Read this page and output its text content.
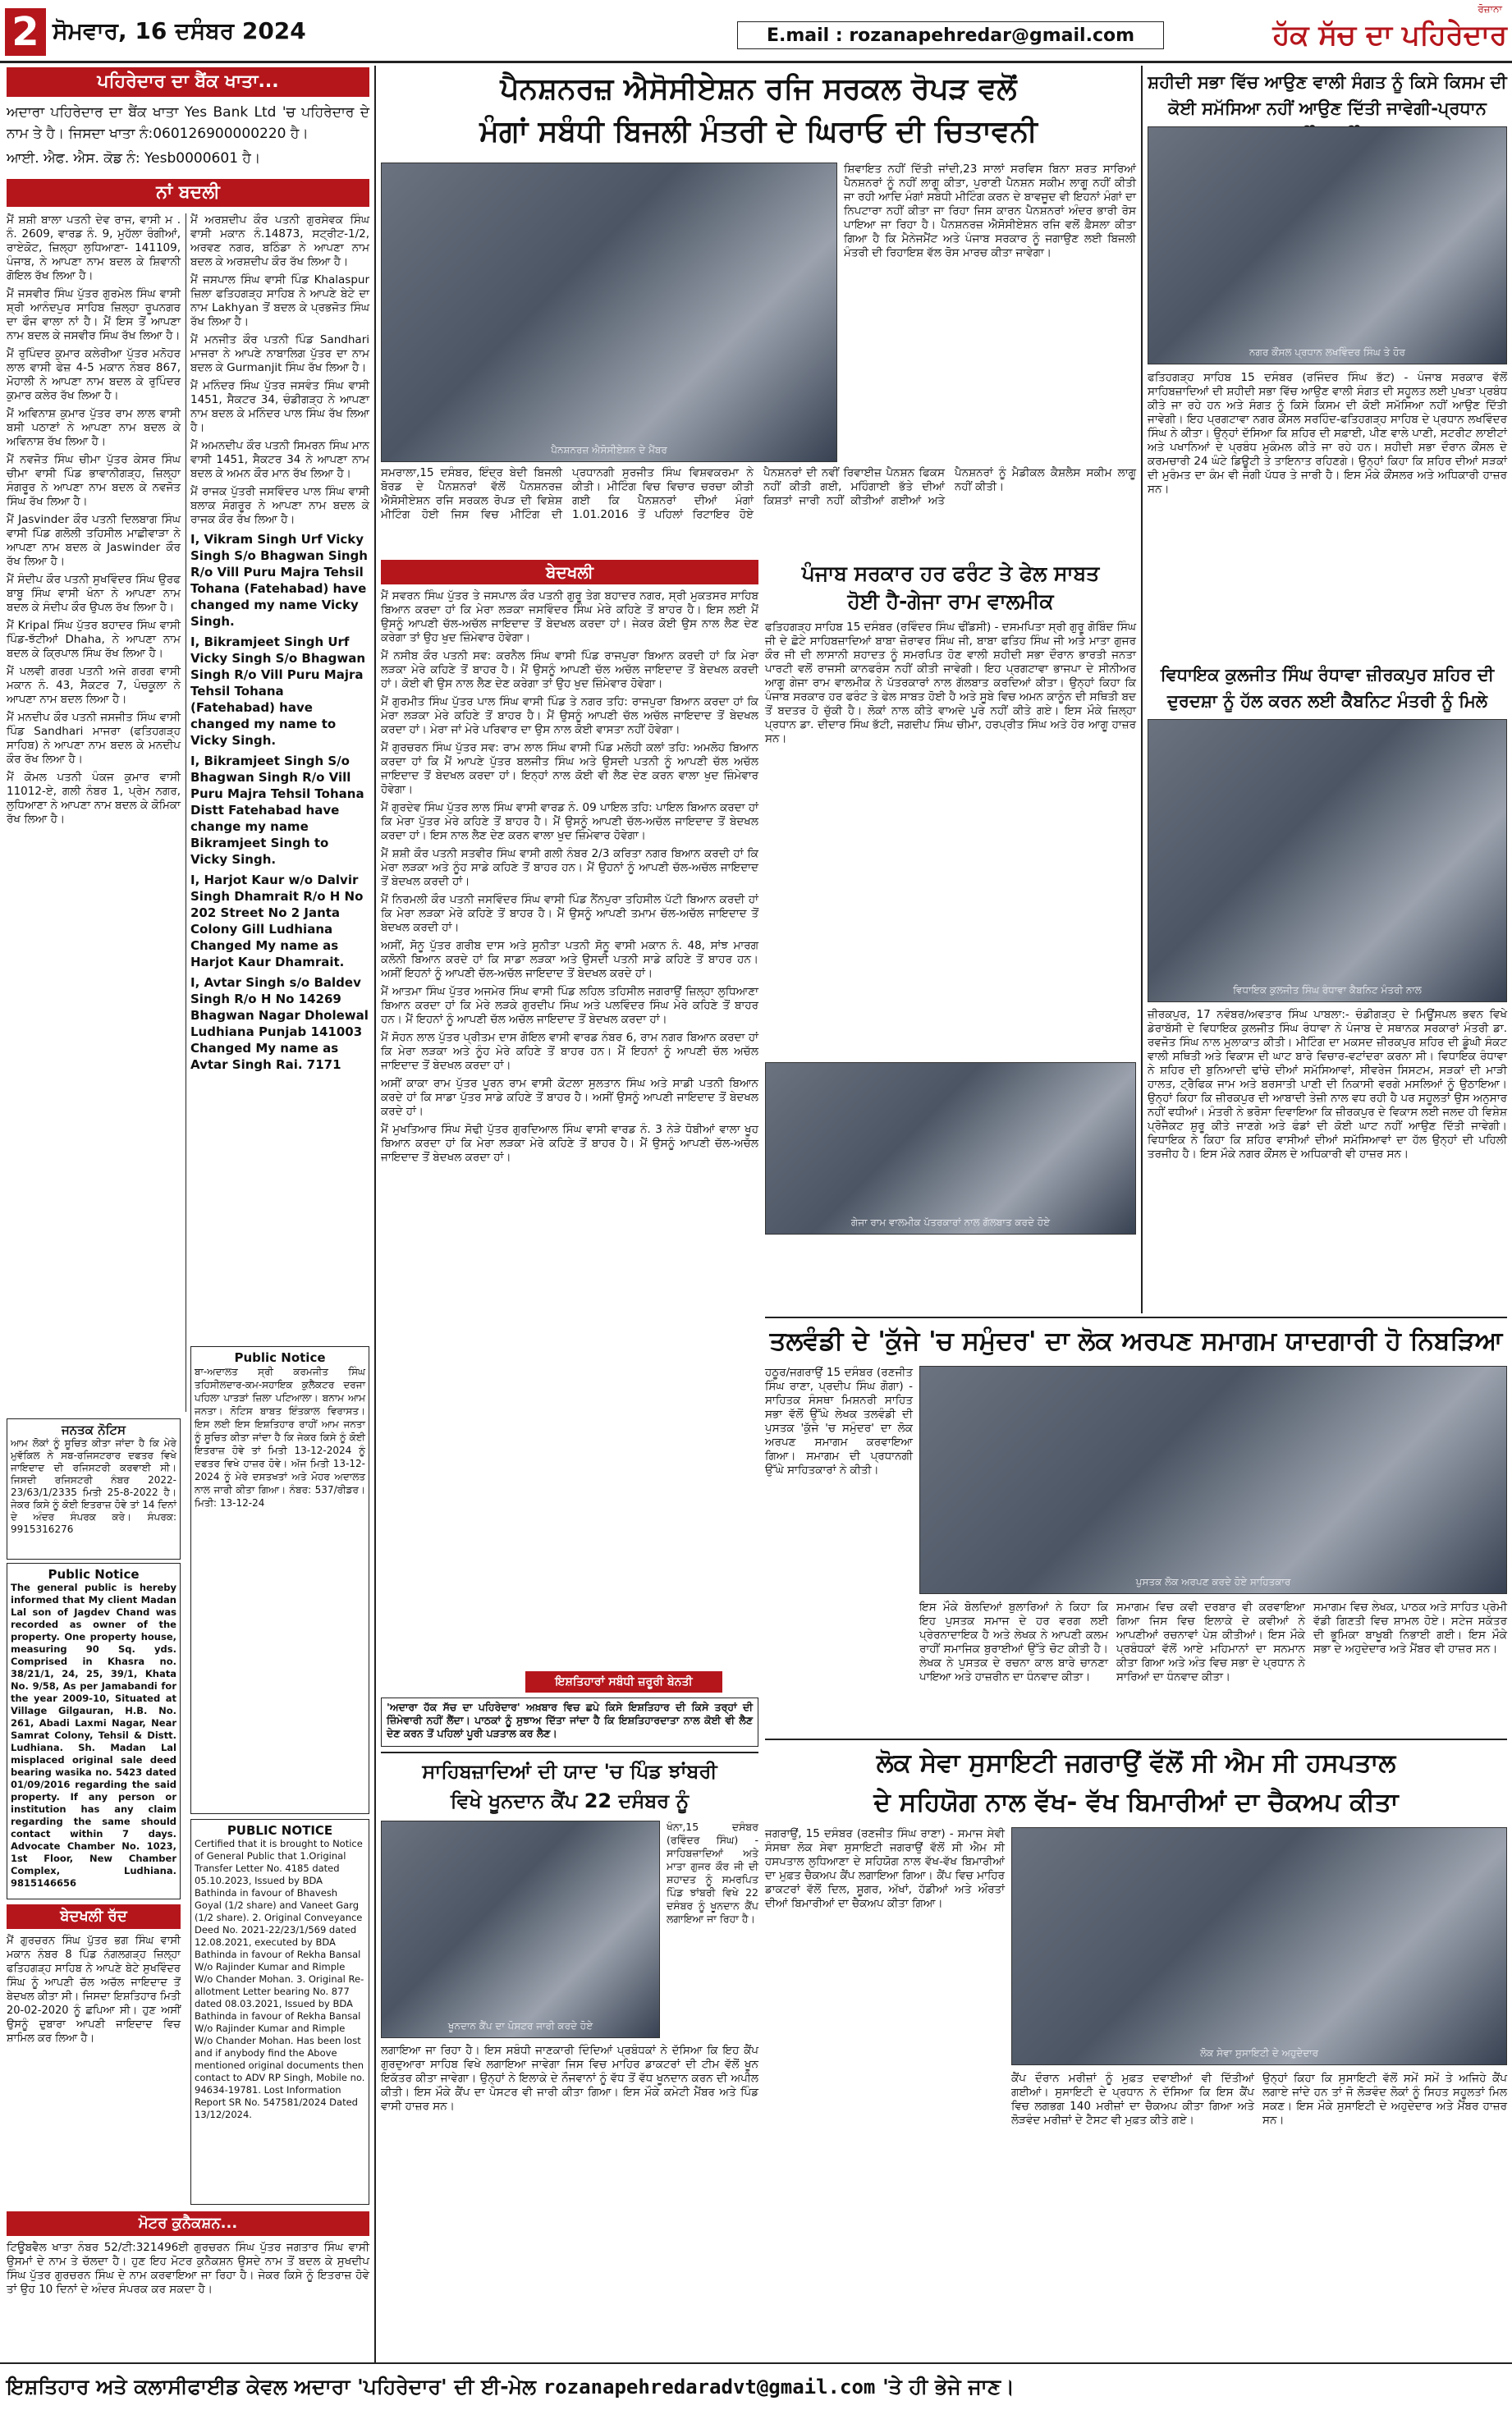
2 ਸੋਮਵਾਰ, 16 ਦਸੰਬਰ 2024	E.mail : rozanapehredar@gmail.com
ਰੋਜ਼ਾਨਾ
ਹੱਕ ਸੱਚ ਦਾ ਪਹਿਰੇਦਾਰ
ਪਹਿਰੇਦਾਰ ਦਾ ਬੈਂਕ ਖਾਤਾ...
ਅਦਾਰਾ ਪਹਿਰੇਦਾਰ ਦਾ ਬੈਂਕ ਖਾਤਾ Yes Bank Ltd 'ਚ ਪਹਿਰੇਦਾਰ ਦੇ ਨਾਮ ਤੇ ਹੈ। ਜਿਸਦਾ ਖਾਤਾ ਨੰ:060126900000220 ਹੈ।
ਆਈ. ਐਫ. ਐਸ. ਕੋਡ ਨੰ: Yesb0000601 ਹੈ।
ਨਾਂ ਬਦਲੀ

ਮੈਂ ਸ਼ਸ਼ੀ ਬਾਲਾ ਪਤਨੀ ਦੇਵ ਰਾਜ, ਵਾਸੀ ਮ . ਨੰ. 2609, ਵਾਰਡ ਨੰ. 9, ਮੁਹੱਲਾ ਰੰਗੀਆਂ, ਰਾਏਕੋਟ, ਜ਼ਿਲ੍ਹਾ ਲੁਧਿਆਣਾ- 141109, ਪੰਜਾਬ, ਨੇ ਆਪਣਾ ਨਾਮ ਬਦਲ ਕੇ ਸ਼ਿਵਾਨੀ ਗੋਇਲ ਰੱਖ ਲਿਆ ਹੈ।

ਮੈਂ ਜਸਵੀਰ ਸਿੰਘ ਪੁੱਤਰ ਗੁਰਮੇਲ ਸਿੰਘ ਵਾਸੀ ਸ਼੍ਰੀ ਆਨੰਦਪੁਰ ਸਾਹਿਬ ਜ਼ਿਲ੍ਹਾ ਰੂਪਨਗਰ ਦਾ ਫੌਜ ਵਾਲਾ ਨਾਂ ਹੈ। ਮੈਂ ਇਸ ਤੋਂ ਆਪਣਾ ਨਾਮ ਬਦਲ ਕੇ ਜਸਵੀਰ ਸਿੰਘ ਰੱਖ ਲਿਆ ਹੈ।

ਮੈਂ ਰੁਪਿੰਦਰ ਕੁਮਾਰ ਕਲੇਰੀਆ ਪੁੱਤਰ ਮਨੋਹਰ ਲਾਲ ਵਾਸੀ ਫੇਜ਼ 4-5 ਮਕਾਨ ਨੰਬਰ 867, ਮੋਹਾਲੀ ਨੇ ਆਪਣਾ ਨਾਮ ਬਦਲ ਕੇ ਰੁਪਿੰਦਰ ਕੁਮਾਰ ਕਲੇਰ ਰੱਖ ਲਿਆ ਹੈ।

ਮੈਂ ਅਵਿਨਾਸ਼ ਕੁਮਾਰ ਪੁੱਤਰ ਰਾਮ ਲਾਲ ਵਾਸੀ ਬਸੀ ਪਠਾਣਾਂ ਨੇ ਆਪਣਾ ਨਾਮ ਬਦਲ ਕੇ ਅਵਿਨਾਸ਼ ਰੱਖ ਲਿਆ ਹੈ।

ਮੈਂ ਨਵਜੋਤ ਸਿੰਘ ਚੀਮਾ ਪੁੱਤਰ ਕੇਸਰ ਸਿੰਘ ਚੀਮਾ ਵਾਸੀ ਪਿੰਡ ਭਾਵਾਨੀਗੜ੍ਹ, ਜ਼ਿਲ੍ਹਾ ਸੰਗਰੂਰ ਨੇ ਆਪਣਾ ਨਾਮ ਬਦਲ ਕੇ ਨਵਜੋਤ ਸਿੰਘ ਰੱਖ ਲਿਆ ਹੈ।

ਮੈਂ Jasvinder ਕੌਰ ਪਤਨੀ ਦਿਲਬਾਗ ਸਿੰਘ ਵਾਸੀ ਪਿੰਡ ਗਲੋਲੀ ਤਹਿਸੀਲ ਮਾਛੀਵਾੜਾ ਨੇ ਆਪਣਾ ਨਾਮ ਬਦਲ ਕੇ Jaswinder ਕੌਰ ਰੱਖ ਲਿਆ ਹੈ।

ਮੈਂ ਸੰਦੀਪ ਕੌਰ ਪਤਨੀ ਸੁਖਵਿੰਦਰ ਸਿੰਘ ਉਰਫ ਬਾਬੂ ਸਿੰਘ ਵਾਸੀ ਖੰਨਾ ਨੇ ਆਪਣਾ ਨਾਮ ਬਦਲ ਕੇ ਸੰਦੀਪ ਕੌਰ ਉਪਲ ਰੱਖ ਲਿਆ ਹੈ।

ਮੈਂ Kripal ਸਿੰਘ ਪੁੱਤਰ ਬਹਾਦਰ ਸਿੰਘ ਵਾਸੀ ਪਿੰਡ-ਝੱਟੀਆਂ Dhaha, ਨੇ ਆਪਣਾ ਨਾਮ ਬਦਲ ਕੇ ਕ੍ਰਿਪਾਲ ਸਿੰਘ ਰੱਖ ਲਿਆ ਹੈ।

ਮੈਂ ਪਲਵੀ ਗਰਗ ਪਤਨੀ ਅਜੇ ਗਰਗ ਵਾਸੀ ਮਕਾਨ ਨੰ. 43, ਸੈਕਟਰ 7, ਪੰਚਕੂਲਾ ਨੇ ਆਪਣਾ ਨਾਮ ਬਦਲ ਲਿਆ ਹੈ।

ਮੈਂ ਮਨਦੀਪ ਕੌਰ ਪਤਨੀ ਜਸਜੀਤ ਸਿੰਘ ਵਾਸੀ ਪਿੰਡ Sandhari ਮਾਜਰਾ (ਫਤਿਹਗੜ੍ਹ ਸਾਹਿਬ) ਨੇ ਆਪਣਾ ਨਾਮ ਬਦਲ ਕੇ ਮਨਦੀਪ ਕੌਰ ਰੱਖ ਲਿਆ ਹੈ।

ਮੈਂ ਕੋਮਲ ਪਤਨੀ ਪੰਕਜ ਕੁਮਾਰ ਵਾਸੀ 11012-ਏ, ਗਲੀ ਨੰਬਰ 1, ਪ੍ਰੇਮ ਨਗਰ, ਲੁਧਿਆਣਾ ਨੇ ਆਪਣਾ ਨਾਮ ਬਦਲ ਕੇ ਕੋਮਿਕਾ ਰੱਖ ਲਿਆ ਹੈ।

ਮੈਂ ਅਰਸ਼ਦੀਪ ਕੌਰ ਪਤਨੀ ਗੁਰਸੇਵਕ ਸਿੰਘ ਵਾਸੀ ਮਕਾਨ ਨੰ.14873, ਸਟ੍ਰੀਟ-1/2, ਅਰਵਣ ਨਗਰ, ਬਠਿੰਡਾ ਨੇ ਆਪਣਾ ਨਾਮ ਬਦਲ ਕੇ ਅਰਸ਼ਦੀਪ ਕੌਰ ਰੱਖ ਲਿਆ ਹੈ।

ਮੈਂ ਜਸਪਾਲ ਸਿੰਘ ਵਾਸੀ ਪਿੰਡ Khalaspur ਜ਼ਿਲਾ ਫਤਿਹਗੜ੍ਹ ਸਾਹਿਬ ਨੇ ਆਪਣੇ ਬੇਟੇ ਦਾ ਨਾਮ Lakhyan ਤੋਂ ਬਦਲ ਕੇ ਪ੍ਰਭਜੋਤ ਸਿੰਘ ਰੱਖ ਲਿਆ ਹੈ।

ਮੈਂ ਮਨਜੀਤ ਕੌਰ ਪਤਨੀ ਪਿੰਡ Sandhari ਮਾਜਰਾ ਨੇ ਆਪਣੇ ਨਾਬਾਲਿਗ ਪੁੱਤਰ ਦਾ ਨਾਮ ਬਦਲ ਕੇ Gurmanjit ਸਿੰਘ ਰੱਖ ਲਿਆ ਹੈ।

ਮੈਂ ਮਨਿੰਦਰ ਸਿੰਘ ਪੁੱਤਰ ਜਸਵੰਤ ਸਿੰਘ ਵਾਸੀ 1451, ਸੈਕਟਰ 34, ਚੰਡੀਗੜ੍ਹ ਨੇ ਆਪਣਾ ਨਾਮ ਬਦਲ ਕੇ ਮਨਿੰਦਰ ਪਾਲ ਸਿੰਘ ਰੱਖ ਲਿਆ ਹੈ।

ਮੈਂ ਅਮਨਦੀਪ ਕੌਰ ਪਤਨੀ ਸਿਮਰਨ ਸਿੰਘ ਮਾਨ ਵਾਸੀ 1451, ਸੈਕਟਰ 34 ਨੇ ਆਪਣਾ ਨਾਮ ਬਦਲ ਕੇ ਅਮਨ ਕੌਰ ਮਾਨ ਰੱਖ ਲਿਆ ਹੈ।

ਮੈਂ ਰਾਜਕ ਪੁੱਤਰੀ ਜਸਵਿੰਦਰ ਪਾਲ ਸਿੰਘ ਵਾਸੀ ਬਲਾਕ ਸੰਗਰੂਰ ਨੇ ਆਪਣਾ ਨਾਮ ਬਦਲ ਕੇ ਰਾਜਕ ਕੌਰ ਰੱਖ ਲਿਆ ਹੈ।

I, Vikram Singh Urf Vicky Singh S/o Bhagwan Singh R/o Vill Puru Majra Tehsil Tohana (Fatehabad) have changed my name Vicky Singh.

I, Bikramjeet Singh Urf Vicky Singh S/o Bhagwan Singh R/o Vill Puru Majra Tehsil Tohana (Fatehabad) have changed my name to Vicky Singh.

I, Bikramjeet Singh S/o Bhagwan Singh R/o Vill Puru Majra Tehsil Tohana Distt Fatehabad have change my name Bikramjeet Singh to Vicky Singh.

I, Harjot Kaur w/o Dalvir Singh Dhamrait R/o H No 202 Street No 2 Janta Colony Gill Ludhiana Changed My name as Harjot Kaur Dhamrait.

I, Avtar Singh s/o Baldev Singh R/o H No 14269 Bhagwan Nagar Dholewal Ludhiana Punjab 141003 Changed My name as Avtar Singh Rai. 7171

ਜਨਤਕ ਨੋਟਿਸ
ਆਮ ਲੋਕਾਂ ਨੂੰ ਸੂਚਿਤ ਕੀਤਾ ਜਾਂਦਾ ਹੈ ਕਿ ਮੇਰੇ ਮੁਵੱਕਿਲ ਨੇ ਸਬ-ਰਜਿਸਟਰਾਰ ਦਫਤਰ ਵਿਖੇ ਜਾਇਦਾਦ ਦੀ ਰਜਿਸਟਰੀ ਕਰਵਾਈ ਸੀ। ਜਿਸਦੀ ਰਜਿਸਟਰੀ ਨੰਬਰ 2022-23/63/1/2335 ਮਿਤੀ 25-8-2022 ਹੈ। ਜੇਕਰ ਕਿਸੇ ਨੂੰ ਕੋਈ ਇਤਰਾਜ਼ ਹੋਵੇ ਤਾਂ 14 ਦਿਨਾਂ ਦੇ ਅੰਦਰ ਸੰਪਰਕ ਕਰੇ। ਸੰਪਰਕ: 9915316276
Public Notice
The general public is hereby informed that My client Madan Lal son of Jagdev Chand was recorded as owner of the property. One property house, measuring 90 Sq. yds. Comprised in Khasra no. 38/21/1, 24, 25, 39/1, Khata No. 9/58, As per Jamabandi for the year 2009-10, Situated at Village Gilgauran, H.B. No. 261, Abadi Laxmi Nagar, Near Samrat Colony, Tehsil & Distt. Ludhiana. Sh. Madan Lal misplaced original sale deed bearing wasika no. 5423 dated 01/09/2016 regarding the said property. If any person or institution has any claim regarding the same should contact within 7 days. Advocate Chamber No. 1023, 1st Floor, New Chamber Complex, Ludhiana. 9815146656
Public Notice
ਬਾ-ਅਦਾਲਤ ਸ੍ਰੀ ਕਰਮਜੀਤ ਸਿੰਘ ਤਹਿਸੀਲਦਾਰ-ਕਮ-ਸਹਾਇਕ ਕੁਲੈਕਟਰ ਦਰਜਾ ਪਹਿਲਾ ਪਾਤੜਾਂ ਜ਼ਿਲਾ ਪਟਿਆਲਾ। ਬਨਾਮ ਆਮ ਜਨਤਾ। ਨੋਟਿਸ ਬਾਬਤ ਇੰਤਕਾਲ ਵਿਰਾਸਤ। ਇਸ ਲਈ ਇਸ ਇਸ਼ਤਿਹਾਰ ਰਾਹੀਂ ਆਮ ਜਨਤਾ ਨੂੰ ਸੂਚਿਤ ਕੀਤਾ ਜਾਂਦਾ ਹੈ ਕਿ ਜੇਕਰ ਕਿਸੇ ਨੂੰ ਕੋਈ ਇਤਰਾਜ਼ ਹੋਵੇ ਤਾਂ ਮਿਤੀ 13-12-2024 ਨੂੰ ਦਫਤਰ ਵਿਖੇ ਹਾਜ਼ਰ ਹੋਵੇ। ਅੱਜ ਮਿਤੀ 13-12-2024 ਨੂੰ ਮੇਰੇ ਦਸਤਖਤਾਂ ਅਤੇ ਮੋਹਰ ਅਦਾਲਤ ਨਾਲ ਜਾਰੀ ਕੀਤਾ ਗਿਆ। ਨੰਬਰ: 537/ਰੀਡਰ। ਮਿਤੀ: 13-12-24
PUBLIC NOTICE
Certified that it is brought to Notice of General Public that 1.Original Transfer Letter No. 4185 dated 05.10.2023, Issued by BDA Bathinda in favour of Bhavesh Goyal (1/2 share) and Vaneet Garg (1/2 share). 2. Original Conveyance Deed No. 2021-22/23/1/569 dated 12.08.2021, executed by BDA Bathinda in favour of Rekha Bansal W/o Rajinder Kumar and Rimple W/o Chander Mohan. 3. Original Re-allotment Letter bearing No. 877 dated 08.03.2021, Issued by BDA Bathinda in favour of Rekha Bansal W/o Rajinder Kumar and Rimple W/o Chander Mohan. Has been lost and if anybody find the Above mentioned original documents then contact to ADV RP Singh, Mobile no. 94634-19781. Lost Information Report SR No. 547581/2024 Dated 13/12/2024.
ਬੇਦਖਲੀ ਰੱਦ
ਮੈਂ ਗੁਰਚਰਨ ਸਿੰਘ ਪੁੱਤਰ ਭਗ ਸਿੰਘ ਵਾਸੀ ਮਕਾਨ ਨੰਬਰ 8 ਪਿੰਡ ਨੰਗਲਗੜ੍ਹ ਜ਼ਿਲ੍ਹਾ ਫਤਿਹਗੜ੍ਹ ਸਾਹਿਬ ਨੇ ਆਪਣੇ ਬੇਟੇ ਸੁਖਵਿੰਦਰ ਸਿੰਘ ਨੂੰ ਆਪਣੀ ਚੱਲ ਅਚੱਲ ਜਾਇਦਾਦ ਤੋਂ ਬੇਦਖਲ ਕੀਤਾ ਸੀ। ਜਿਸਦਾ ਇਸ਼ਤਿਹਾਰ ਮਿਤੀ 20-02-2020 ਨੂੰ ਛਪਿਆ ਸੀ। ਹੁਣ ਅਸੀਂ ਉਸਨੂੰ ਦੁਬਾਰਾ ਆਪਣੀ ਜਾਇਦਾਦ ਵਿਚ ਸ਼ਾਮਿਲ ਕਰ ਲਿਆ ਹੈ।
ਮੋਟਰ ਕੁਨੈਕਸ਼ਨ...
ਟਿਊਬਵੈਲ ਖਾਤਾ ਨੰਬਰ 52/ਟੀ:321496ਈ ਗੁਰਚਰਨ ਸਿੰਘ ਪੁੱਤਰ ਜਗਤਾਰ ਸਿੰਘ ਵਾਸੀ ਉਸਮਾਂ ਦੇ ਨਾਮ ਤੇ ਚੱਲਦਾ ਹੈ। ਹੁਣ ਇਹ ਮੋਟਰ ਕੁਨੈਕਸ਼ਨ ਉਸਦੇ ਨਾਮ ਤੋਂ ਬਦਲ ਕੇ ਸੁਖਦੀਪ ਸਿੰਘ ਪੁੱਤਰ ਗੁਰਚਰਨ ਸਿੰਘ ਦੇ ਨਾਮ ਕਰਵਾਇਆ ਜਾ ਰਿਹਾ ਹੈ। ਜੇਕਰ ਕਿਸੇ ਨੂੰ ਇਤਰਾਜ਼ ਹੋਵੇ ਤਾਂ ਉਹ 10 ਦਿਨਾਂ ਦੇ ਅੰਦਰ ਸੰਪਰਕ ਕਰ ਸਕਦਾ ਹੈ।
ਪੈਨਸ਼ਨਰਜ਼ ਐਸੋਸੀਏਸ਼ਨ ਰਜਿ ਸਰਕਲ ਰੋਪੜ ਵਲੋਂ
ਮੰਗਾਂ ਸਬੰਧੀ ਬਿਜਲੀ ਮੰਤਰੀ ਦੇ ਘਿਰਾਓ ਦੀ ਚਿਤਾਵਨੀ
ਪੈਨਸ਼ਨਰਜ਼ ਐਸੋਸੀਏਸ਼ਨ ਦੇ ਮੈਂਬਰ
ਸ਼ਿਵਾਇਤ ਨਹੀਂ ਦਿੱਤੀ ਜਾਂਦੀ,23 ਸਾਲਾਂ ਸਰਵਿਸ ਬਿਨਾ ਸ਼ਰਤ ਸਾਰਿਆਂ ਪੈਨਸ਼ਨਰਾਂ ਨੂੰ ਨਹੀਂ ਲਾਗੂ ਕੀਤਾ, ਪੁਰਾਣੀ ਪੈਨਸ਼ਨ ਸਕੀਮ ਲਾਗੂ ਨਹੀਂ ਕੀਤੀ ਜਾ ਰਹੀ ਆਦਿ ਮੰਗਾਂ ਸਬੰਧੀ ਮੀਟਿੰਗ ਕਰਨ ਦੇ ਬਾਵਜੂਦ ਵੀ ਇਹਨਾਂ ਮੰਗਾਂ ਦਾ ਨਿਪਟਾਰਾ ਨਹੀਂ ਕੀਤਾ ਜਾ ਰਿਹਾ ਜਿਸ ਕਾਰਨ ਪੈਨਸ਼ਨਰਾਂ ਅੰਦਰ ਭਾਰੀ ਰੋਸ ਪਾਇਆ ਜਾ ਰਿਹਾ ਹੈ। ਪੈਨਸ਼ਨਰਜ਼ ਐਸੋਸੀਏਸ਼ਨ ਰਜਿ ਵਲੋਂ ਫ਼ੈਸਲਾ ਕੀਤਾ ਗਿਆ ਹੈ ਕਿ ਮੈਨੇਜਮੈਂਟ ਅਤੇ ਪੰਜਾਬ ਸਰਕਾਰ ਨੂੰ ਜਗਾਉਣ ਲਈ ਬਿਜਲੀ ਮੰਤਰੀ ਦੀ ਰਿਹਾਇਸ਼ ਵੱਲ ਰੋਸ ਮਾਰਚ ਕੀਤਾ ਜਾਵੇਗਾ।
ਸਮਰਾਲਾ,15 ਦਸੰਬਰ, ਇੰਦ੍ਰ ਬੇਦੀ ਬਿਜਲੀ ਬੋਰਡ ਦੇ ਪੈਨਸ਼ਨਰਾਂ ਵੱਲੋਂ ਪੈਨਸ਼ਨਰਜ਼ ਐਸੋਸੀਏਸ਼ਨ ਰਜਿ ਸਰਕਲ ਰੋਪੜ ਦੀ ਵਿਸ਼ੇਸ਼ ਮੀਟਿੰਗ ਹੋਈ ਜਿਸ ਵਿਚ ਮੀਟਿੰਗ ਦੀ ਪ੍ਰਧਾਨਗੀ ਸੁਰਜੀਤ ਸਿੰਘ ਵਿਸ਼ਵਕਰਮਾ ਨੇ ਕੀਤੀ। ਮੀਟਿੰਗ ਵਿਚ ਵਿਚਾਰ ਚਰਚਾ ਕੀਤੀ ਗਈ ਕਿ ਪੈਨਸ਼ਨਰਾਂ ਦੀਆਂ ਮੰਗਾਂ 1.01.2016 ਤੋਂ ਪਹਿਲਾਂ ਰਿਟਾਇਰ ਹੋਏ ਪੈਨਸ਼ਨਰਾਂ ਦੀ ਨਵੀਂ ਰਿਵਾਈਜ਼ ਪੈਨਸ਼ਨ ਫਿਕਸ ਨਹੀਂ ਕੀਤੀ ਗਈ, ਮਹਿੰਗਾਈ ਭੱਤੇ ਦੀਆਂ ਕਿਸ਼ਤਾਂ ਜਾਰੀ ਨਹੀਂ ਕੀਤੀਆਂ ਗਈਆਂ ਅਤੇ ਪੈਨਸ਼ਨਰਾਂ ਨੂੰ ਮੈਡੀਕਲ ਕੈਸ਼ਲੈਸ ਸਕੀਮ ਲਾਗੂ ਨਹੀਂ ਕੀਤੀ।
ਬੇਦਖਲੀ

ਮੈਂ ਸਵਰਨ ਸਿੰਘ ਪੁੱਤਰ ਤੇ ਜਸਪਾਲ ਕੌਰ ਪਤਨੀ ਗੁਰੂ ਤੇਗ ਬਹਾਦਰ ਨਗਰ, ਸ੍ਰੀ ਮੁਕਤਸਰ ਸਾਹਿਬ ਬਿਆਨ ਕਰਦਾ ਹਾਂ ਕਿ ਮੇਰਾ ਲੜਕਾ ਜਸਵਿੰਦਰ ਸਿੰਘ ਮੇਰੇ ਕਹਿਣੇ ਤੋਂ ਬਾਹਰ ਹੈ। ਇਸ ਲਈ ਮੈਂ ਉਸਨੂੰ ਆਪਣੀ ਚੱਲ-ਅਚੱਲ ਜਾਇਦਾਦ ਤੋਂ ਬੇਦਖਲ ਕਰਦਾ ਹਾਂ। ਜੇਕਰ ਕੋਈ ਉਸ ਨਾਲ ਲੈਣ ਦੇਣ ਕਰੇਗਾ ਤਾਂ ਉਹ ਖੁਦ ਜ਼ਿੰਮੇਵਾਰ ਹੋਵੇਗਾ।

ਮੈਂ ਨਸੀਬ ਕੌਰ ਪਤਨੀ ਸਵ: ਕਰਨੈਲ ਸਿੰਘ ਵਾਸੀ ਪਿੰਡ ਰਾਜਪੁਰਾ ਬਿਆਨ ਕਰਦੀ ਹਾਂ ਕਿ ਮੇਰਾ ਲੜਕਾ ਮੇਰੇ ਕਹਿਣੇ ਤੋਂ ਬਾਹਰ ਹੈ। ਮੈਂ ਉਸਨੂੰ ਆਪਣੀ ਚੱਲ ਅਚੱਲ ਜਾਇਦਾਦ ਤੋਂ ਬੇਦਖਲ ਕਰਦੀ ਹਾਂ। ਕੋਈ ਵੀ ਉਸ ਨਾਲ ਲੈਣ ਦੇਣ ਕਰੇਗਾ ਤਾਂ ਉਹ ਖੁਦ ਜ਼ਿੰਮੇਵਾਰ ਹੋਵੇਗਾ।

ਮੈਂ ਗੁਰਮੀਤ ਸਿੰਘ ਪੁੱਤਰ ਪਾਲ ਸਿੰਘ ਵਾਸੀ ਪਿੰਡ ਤੇ ਨਗਰ ਤਹਿ: ਰਾਜਪੁਰਾ ਬਿਆਨ ਕਰਦਾ ਹਾਂ ਕਿ ਮੇਰਾ ਲੜਕਾ ਮੇਰੇ ਕਹਿਣੇ ਤੋਂ ਬਾਹਰ ਹੈ। ਮੈਂ ਉਸਨੂੰ ਆਪਣੀ ਚੱਲ ਅਚੱਲ ਜਾਇਦਾਦ ਤੋਂ ਬੇਦਖਲ ਕਰਦਾ ਹਾਂ। ਮੇਰਾ ਜਾਂ ਮੇਰੇ ਪਰਿਵਾਰ ਦਾ ਉਸ ਨਾਲ ਕੋਈ ਵਾਸਤਾ ਨਹੀਂ ਹੋਵੇਗਾ।

ਮੈਂ ਗੁਰਚਰਨ ਸਿੰਘ ਪੁੱਤਰ ਸਵ: ਰਾਮ ਲਾਲ ਸਿੰਘ ਵਾਸੀ ਪਿੰਡ ਮਲੋਹੀ ਕਲਾਂ ਤਹਿ: ਅਮਲੋਹ ਬਿਆਨ ਕਰਦਾ ਹਾਂ ਕਿ ਮੈਂ ਆਪਣੇ ਪੁੱਤਰ ਬਲਜੀਤ ਸਿੰਘ ਅਤੇ ਉਸਦੀ ਪਤਨੀ ਨੂੰ ਆਪਣੀ ਚੱਲ ਅਚੱਲ ਜਾਇਦਾਦ ਤੋਂ ਬੇਦਖਲ ਕਰਦਾ ਹਾਂ। ਇਨ੍ਹਾਂ ਨਾਲ ਕੋਈ ਵੀ ਲੈਣ ਦੇਣ ਕਰਨ ਵਾਲਾ ਖੁਦ ਜ਼ਿੰਮੇਵਾਰ ਹੋਵੇਗਾ।

ਮੈਂ ਗੁਰਦੇਵ ਸਿੰਘ ਪੁੱਤਰ ਲਾਲ ਸਿੰਘ ਵਾਸੀ ਵਾਰਡ ਨੰ. 09 ਪਾਇਲ ਤਹਿ: ਪਾਇਲ ਬਿਆਨ ਕਰਦਾ ਹਾਂ ਕਿ ਮੇਰਾ ਪੁੱਤਰ ਮੇਰੇ ਕਹਿਣੇ ਤੋਂ ਬਾਹਰ ਹੈ। ਮੈਂ ਉਸਨੂੰ ਆਪਣੀ ਚੱਲ-ਅਚੱਲ ਜਾਇਦਾਦ ਤੋਂ ਬੇਦਖਲ ਕਰਦਾ ਹਾਂ। ਇਸ ਨਾਲ ਲੈਣ ਦੇਣ ਕਰਨ ਵਾਲਾ ਖੁਦ ਜ਼ਿੰਮੇਵਾਰ ਹੋਵੇਗਾ।

ਮੈਂ ਸ਼ਸ਼ੀ ਕੌਰ ਪਤਨੀ ਸਤਵੀਰ ਸਿੰਘ ਵਾਸੀ ਗਲੀ ਨੰਬਰ 2/3 ਕਰਿਤਾ ਨਗਰ ਬਿਆਨ ਕਰਦੀ ਹਾਂ ਕਿ ਮੇਰਾ ਲੜਕਾ ਅਤੇ ਨੂੰਹ ਸਾਡੇ ਕਹਿਣੇ ਤੋਂ ਬਾਹਰ ਹਨ। ਮੈਂ ਉਹਨਾਂ ਨੂੰ ਆਪਣੀ ਚੱਲ-ਅਚੱਲ ਜਾਇਦਾਦ ਤੋਂ ਬੇਦਖਲ ਕਰਦੀ ਹਾਂ।

ਮੈਂ ਨਿਰਮਲੀ ਕੌਰ ਪਤਨੀ ਜਸਵਿੰਦਰ ਸਿੰਘ ਵਾਸੀ ਪਿੰਡ ਨੈਂਨਪੁਰਾ ਤਹਿਸੀਲ ਪੱਟੀ ਬਿਆਨ ਕਰਦੀ ਹਾਂ ਕਿ ਮੇਰਾ ਲੜਕਾ ਮੇਰੇ ਕਹਿਣੇ ਤੋਂ ਬਾਹਰ ਹੈ। ਮੈਂ ਉਸਨੂੰ ਆਪਣੀ ਤਮਾਮ ਚੱਲ-ਅਚੱਲ ਜਾਇਦਾਦ ਤੋਂ ਬੇਦਖਲ ਕਰਦੀ ਹਾਂ।

ਅਸੀਂ, ਸੋਨੂ ਪੁੱਤਰ ਗਰੀਬ ਦਾਸ ਅਤੇ ਸੁਨੀਤਾ ਪਤਨੀ ਸੋਨੂ ਵਾਸੀ ਮਕਾਨ ਨੰ. 48, ਸਾਂਝ ਮਾਰਗ ਕਲੋਨੀ ਬਿਆਨ ਕਰਦੇ ਹਾਂ ਕਿ ਸਾਡਾ ਲੜਕਾ ਅਤੇ ਉਸਦੀ ਪਤਨੀ ਸਾਡੇ ਕਹਿਣੇ ਤੋਂ ਬਾਹਰ ਹਨ। ਅਸੀਂ ਇਹਨਾਂ ਨੂੰ ਆਪਣੀ ਚੱਲ-ਅਚੱਲ ਜਾਇਦਾਦ ਤੋਂ ਬੇਦਖਲ ਕਰਦੇ ਹਾਂ।

ਮੈਂ ਆਤਮਾ ਸਿੰਘ ਪੁੱਤਰ ਅਜਮੇਰ ਸਿੰਘ ਵਾਸੀ ਪਿੰਡ ਲਹਿਲ ਤਹਿਸੀਲ ਜਗਰਾਉਂ ਜ਼ਿਲ੍ਹਾ ਲੁਧਿਆਣਾ ਬਿਆਨ ਕਰਦਾ ਹਾਂ ਕਿ ਮੇਰੇ ਲੜਕੇ ਗੁਰਦੀਪ ਸਿੰਘ ਅਤੇ ਪਲਵਿੰਦਰ ਸਿੰਘ ਮੇਰੇ ਕਹਿਣੇ ਤੋਂ ਬਾਹਰ ਹਨ। ਮੈਂ ਇਹਨਾਂ ਨੂੰ ਆਪਣੀ ਚੱਲ ਅਚੱਲ ਜਾਇਦਾਦ ਤੋਂ ਬੇਦਖਲ ਕਰਦਾ ਹਾਂ।

ਮੈਂ ਸੋਹਨ ਲਾਲ ਪੁੱਤਰ ਪ੍ਰੀਤਮ ਦਾਸ ਗੋਇਲ ਵਾਸੀ ਵਾਰਡ ਨੰਬਰ 6, ਰਾਮ ਨਗਰ ਬਿਆਨ ਕਰਦਾ ਹਾਂ ਕਿ ਮੇਰਾ ਲੜਕਾ ਅਤੇ ਨੂੰਹ ਮੇਰੇ ਕਹਿਣੇ ਤੋਂ ਬਾਹਰ ਹਨ। ਮੈਂ ਇਹਨਾਂ ਨੂੰ ਆਪਣੀ ਚੱਲ ਅਚੱਲ ਜਾਇਦਾਦ ਤੋਂ ਬੇਦਖਲ ਕਰਦਾ ਹਾਂ।

ਅਸੀਂ ਕਾਕਾ ਰਾਮ ਪੁੱਤਰ ਪੂਰਨ ਰਾਮ ਵਾਸੀ ਕੋਟਲਾ ਸੁਲਤਾਨ ਸਿੰਘ ਅਤੇ ਸਾਡੀ ਪਤਨੀ ਬਿਆਨ ਕਰਦੇ ਹਾਂ ਕਿ ਸਾਡਾ ਪੁੱਤਰ ਸਾਡੇ ਕਹਿਣੇ ਤੋਂ ਬਾਹਰ ਹੈ। ਅਸੀਂ ਉਸਨੂੰ ਆਪਣੀ ਜਾਇਦਾਦ ਤੋਂ ਬੇਦਖਲ ਕਰਦੇ ਹਾਂ।

ਮੈਂ ਮੁਖਤਿਆਰ ਸਿੰਘ ਸੋਢੀ ਪੁੱਤਰ ਗੁਰਦਿਆਲ ਸਿੰਘ ਵਾਸੀ ਵਾਰਡ ਨੰ. 3 ਨੇੜੇ ਧੋਬੀਆਂ ਵਾਲਾ ਖੂਹ ਬਿਆਨ ਕਰਦਾ ਹਾਂ ਕਿ ਮੇਰਾ ਲੜਕਾ ਮੇਰੇ ਕਹਿਣੇ ਤੋਂ ਬਾਹਰ ਹੈ। ਮੈਂ ਉਸਨੂੰ ਆਪਣੀ ਚੱਲ-ਅਚੱਲ ਜਾਇਦਾਦ ਤੋਂ ਬੇਦਖਲ ਕਰਦਾ ਹਾਂ।

ਇਸ਼ਤਿਹਾਰਾਂ ਸਬੰਧੀ ਜ਼ਰੂਰੀ ਬੇਨਤੀ
'ਅਦਾਰਾ ਹੱਕ ਸੱਚ ਦਾ ਪਹਿਰੇਦਾਰ' ਅਖ਼ਬਾਰ ਵਿਚ ਛਪੇ ਕਿਸੇ ਇਸ਼ਤਿਹਾਰ ਦੀ ਕਿਸੇ ਤਰ੍ਹਾਂ ਦੀ ਜ਼ਿੰਮੇਵਾਰੀ ਨਹੀਂ ਲੈਂਦਾ। ਪਾਠਕਾਂ ਨੂੰ ਸੁਝਾਅ ਦਿੱਤਾ ਜਾਂਦਾ ਹੈ ਕਿ ਇਸ਼ਤਿਹਾਰਦਾਤਾ ਨਾਲ ਕੋਈ ਵੀ ਲੈਣ ਦੇਣ ਕਰਨ ਤੋਂ ਪਹਿਲਾਂ ਪੂਰੀ ਪੜਤਾਲ ਕਰ ਲੈਣ।
ਪੰਜਾਬ ਸਰਕਾਰ ਹਰ ਫਰੰਟ ਤੇ ਫੇਲ ਸਾਬਤ
ਹੋਈ ਹੈ-ਗੇਜਾ ਰਾਮ ਵਾਲਮੀਕ
ਫਤਿਹਗੜ੍ਹ ਸਾਹਿਬ 15 ਦਸੰਬਰ (ਰਵਿੰਦਰ ਸਿੰਘ ਢੀਂਡਸੀ) - ਦਸਮਪਿਤਾ ਸ੍ਰੀ ਗੁਰੂ ਗੋਬਿੰਦ ਸਿੰਘ ਜੀ ਦੇ ਛੋਟੇ ਸਾਹਿਬਜ਼ਾਦਿਆਂ ਬਾਬਾ ਜ਼ੋਰਾਵਰ ਸਿੰਘ ਜੀ, ਬਾਬਾ ਫਤਿਹ ਸਿੰਘ ਜੀ ਅਤੇ ਮਾਤਾ ਗੁਜਰ ਕੌਰ ਜੀ ਦੀ ਲਾਸਾਨੀ ਸ਼ਹਾਦਤ ਨੂੰ ਸਮਰਪਿਤ ਹੋਣ ਵਾਲੀ ਸ਼ਹੀਦੀ ਸਭਾ ਦੌਰਾਨ ਭਾਰਤੀ ਜਨਤਾ ਪਾਰਟੀ ਵਲੋਂ ਰਾਜਸੀ ਕਾਨਫਰੰਸ ਨਹੀਂ ਕੀਤੀ ਜਾਵੇਗੀ। ਇਹ ਪ੍ਰਗਟਾਵਾ ਭਾਜਪਾ ਦੇ ਸੀਨੀਅਰ ਆਗੂ ਗੇਜਾ ਰਾਮ ਵਾਲਮੀਕ ਨੇ ਪੱਤਰਕਾਰਾਂ ਨਾਲ ਗੱਲਬਾਤ ਕਰਦਿਆਂ ਕੀਤਾ। ਉਨ੍ਹਾਂ ਕਿਹਾ ਕਿ ਪੰਜਾਬ ਸਰਕਾਰ ਹਰ ਫਰੰਟ ਤੇ ਫੇਲ ਸਾਬਤ ਹੋਈ ਹੈ ਅਤੇ ਸੂਬੇ ਵਿਚ ਅਮਨ ਕਾਨੂੰਨ ਦੀ ਸਥਿਤੀ ਬਦ ਤੋਂ ਬਦਤਰ ਹੋ ਚੁੱਕੀ ਹੈ। ਲੋਕਾਂ ਨਾਲ ਕੀਤੇ ਵਾਅਦੇ ਪੂਰੇ ਨਹੀਂ ਕੀਤੇ ਗਏ। ਇਸ ਮੌਕੇ ਜ਼ਿਲ੍ਹਾ ਪ੍ਰਧਾਨ ਡਾ. ਦੀਦਾਰ ਸਿੰਘ ਭੱਟੀ, ਜਗਦੀਪ ਸਿੰਘ ਚੀਮਾ, ਹਰਪ੍ਰੀਤ ਸਿੰਘ ਅਤੇ ਹੋਰ ਆਗੂ ਹਾਜ਼ਰ ਸਨ।
ਗੇਜਾ ਰਾਮ ਵਾਲਮੀਕ ਪੱਤਰਕਾਰਾਂ ਨਾਲ ਗੱਲਬਾਤ ਕਰਦੇ ਹੋਏ
ਸ਼ਹੀਦੀ ਸਭਾ ਵਿੱਚ ਆਉਣ ਵਾਲੀ ਸੰਗਤ ਨੂੰ ਕਿਸੇ ਕਿਸਮ ਦੀ ਕੋਈ ਸਮੱਸਿਆ ਨਹੀਂ ਆਉਣ ਦਿੱਤੀ ਜਾਵੇਗੀ-ਪ੍ਰਧਾਨ
ਨਗਰ ਕੌਂਸਲ ਪ੍ਰਧਾਨ ਲਖਵਿੰਦਰ ਸਿੰਘ ਤੇ ਹੋਰ
ਫਤਿਹਗੜ੍ਹ ਸਾਹਿਬ 15 ਦਸੰਬਰ (ਰਜਿੰਦਰ ਸਿੰਘ ਭੱਟ) - ਪੰਜਾਬ ਸਰਕਾਰ ਵੱਲੋਂ ਸਾਹਿਬਜ਼ਾਦਿਆਂ ਦੀ ਸ਼ਹੀਦੀ ਸਭਾ ਵਿੱਚ ਆਉਣ ਵਾਲੀ ਸੰਗਤ ਦੀ ਸਹੂਲਤ ਲਈ ਪੁਖਤਾ ਪ੍ਰਬੰਧ ਕੀਤੇ ਜਾ ਰਹੇ ਹਨ ਅਤੇ ਸੰਗਤ ਨੂੰ ਕਿਸੇ ਕਿਸਮ ਦੀ ਕੋਈ ਸਮੱਸਿਆ ਨਹੀਂ ਆਉਣ ਦਿੱਤੀ ਜਾਵੇਗੀ। ਇਹ ਪ੍ਰਗਟਾਵਾ ਨਗਰ ਕੌਂਸਲ ਸਰਹਿੰਦ-ਫਤਿਹਗੜ੍ਹ ਸਾਹਿਬ ਦੇ ਪ੍ਰਧਾਨ ਲਖਵਿੰਦਰ ਸਿੰਘ ਨੇ ਕੀਤਾ। ਉਨ੍ਹਾਂ ਦੱਸਿਆ ਕਿ ਸ਼ਹਿਰ ਦੀ ਸਫ਼ਾਈ, ਪੀਣ ਵਾਲੇ ਪਾਣੀ, ਸਟਰੀਟ ਲਾਈਟਾਂ ਅਤੇ ਪਖਾਨਿਆਂ ਦੇ ਪ੍ਰਬੰਧ ਮੁਕੰਮਲ ਕੀਤੇ ਜਾ ਰਹੇ ਹਨ। ਸ਼ਹੀਦੀ ਸਭਾ ਦੌਰਾਨ ਕੌਂਸਲ ਦੇ ਕਰਮਚਾਰੀ 24 ਘੰਟੇ ਡਿਊਟੀ ਤੇ ਤਾਇਨਾਤ ਰਹਿਣਗੇ। ਉਨ੍ਹਾਂ ਕਿਹਾ ਕਿ ਸ਼ਹਿਰ ਦੀਆਂ ਸੜਕਾਂ ਦੀ ਮੁਰੰਮਤ ਦਾ ਕੰਮ ਵੀ ਜੰਗੀ ਪੱਧਰ ਤੇ ਜਾਰੀ ਹੈ। ਇਸ ਮੌਕੇ ਕੌਂਸਲਰ ਅਤੇ ਅਧਿਕਾਰੀ ਹਾਜ਼ਰ ਸਨ।
ਵਿਧਾਇਕ ਕੁਲਜੀਤ ਸਿੰਘ ਰੰਧਾਵਾ ਜ਼ੀਰਕਪੁਰ ਸ਼ਹਿਰ ਦੀ
ਦੁਰਦਸ਼ਾ ਨੂੰ ਹੱਲ ਕਰਨ ਲਈ ਕੈਬਨਿਟ ਮੰਤਰੀ ਨੂੰ ਮਿਲੇ
ਵਿਧਾਇਕ ਕੁਲਜੀਤ ਸਿੰਘ ਰੰਧਾਵਾ ਕੈਬਨਿਟ ਮੰਤਰੀ ਨਾਲ
ਜ਼ੀਰਕਪੁਰ, 17 ਨਵੰਬਰ/ਅਵਤਾਰ ਸਿੰਘ ਪਾਬਲਾ:- ਚੰਡੀਗੜ੍ਹ ਦੇ ਮਿਊਂਸਪਲ ਭਵਨ ਵਿਖੇ ਡੇਰਾਬੱਸੀ ਦੇ ਵਿਧਾਇਕ ਕੁਲਜੀਤ ਸਿੰਘ ਰੰਧਾਵਾ ਨੇ ਪੰਜਾਬ ਦੇ ਸਥਾਨਕ ਸਰਕਾਰਾਂ ਮੰਤਰੀ ਡਾ. ਰਵਜੋਤ ਸਿੰਘ ਨਾਲ ਮੁਲਾਕਾਤ ਕੀਤੀ। ਮੀਟਿੰਗ ਦਾ ਮਕਸਦ ਜ਼ੀਰਕਪੁਰ ਸ਼ਹਿਰ ਦੀ ਡੂੰਘੀ ਸੰਕਟ ਵਾਲੀ ਸਥਿਤੀ ਅਤੇ ਵਿਕਾਸ ਦੀ ਘਾਟ ਬਾਰੇ ਵਿਚਾਰ-ਵਟਾਂਦਰਾ ਕਰਨਾ ਸੀ। ਵਿਧਾਇਕ ਰੰਧਾਵਾ ਨੇ ਸ਼ਹਿਰ ਦੀ ਬੁਨਿਆਦੀ ਢਾਂਚੇ ਦੀਆਂ ਸਮੱਸਿਆਵਾਂ, ਸੀਵਰੇਜ ਸਿਸਟਮ, ਸੜਕਾਂ ਦੀ ਮਾੜੀ ਹਾਲਤ, ਟ੍ਰੈਫਿਕ ਜਾਮ ਅਤੇ ਬਰਸਾਤੀ ਪਾਣੀ ਦੀ ਨਿਕਾਸੀ ਵਰਗੇ ਮਸਲਿਆਂ ਨੂੰ ਉਠਾਇਆ। ਉਨ੍ਹਾਂ ਕਿਹਾ ਕਿ ਜ਼ੀਰਕਪੁਰ ਦੀ ਆਬਾਦੀ ਤੇਜ਼ੀ ਨਾਲ ਵਧ ਰਹੀ ਹੈ ਪਰ ਸਹੂਲਤਾਂ ਉਸ ਅਨੁਸਾਰ ਨਹੀਂ ਵਧੀਆਂ। ਮੰਤਰੀ ਨੇ ਭਰੋਸਾ ਦਿਵਾਇਆ ਕਿ ਜ਼ੀਰਕਪੁਰ ਦੇ ਵਿਕਾਸ ਲਈ ਜਲਦ ਹੀ ਵਿਸ਼ੇਸ਼ ਪ੍ਰੋਜੈਕਟ ਸ਼ੁਰੂ ਕੀਤੇ ਜਾਣਗੇ ਅਤੇ ਫੰਡਾਂ ਦੀ ਕੋਈ ਘਾਟ ਨਹੀਂ ਆਉਣ ਦਿੱਤੀ ਜਾਵੇਗੀ। ਵਿਧਾਇਕ ਨੇ ਕਿਹਾ ਕਿ ਸ਼ਹਿਰ ਵਾਸੀਆਂ ਦੀਆਂ ਸਮੱਸਿਆਵਾਂ ਦਾ ਹੱਲ ਉਨ੍ਹਾਂ ਦੀ ਪਹਿਲੀ ਤਰਜੀਹ ਹੈ। ਇਸ ਮੌਕੇ ਨਗਰ ਕੌਂਸਲ ਦੇ ਅਧਿਕਾਰੀ ਵੀ ਹਾਜ਼ਰ ਸਨ।
ਤਲਵੰਡੀ ਦੇ 'ਕੁੱਜੇ 'ਚ ਸਮੁੰਦਰ' ਦਾ ਲੋਕ ਅਰਪਣ ਸਮਾਗਮ ਯਾਦਗਾਰੀ ਹੋ ਨਿਬੜਿਆ
ਹਠੂਰ/ਜਗਰਾਉਂ 15 ਦਸੰਬਰ (ਰਣਜੀਤ ਸਿੰਘ ਰਾਣਾ, ਪ੍ਰਦੀਪ ਸਿੰਘ ਗੋਗਾ) - ਸਾਹਿਤਕ ਸੰਸਥਾ ਮਿਸ਼ਨਰੀ ਸਾਹਿਤ ਸਭਾ ਵੱਲੋਂ ਉੱਘੇ ਲੇਖਕ ਤਲਵੰਡੀ ਦੀ ਪੁਸਤਕ 'ਕੁੱਜੇ 'ਚ ਸਮੁੰਦਰ' ਦਾ ਲੋਕ ਅਰਪਣ ਸਮਾਗਮ ਕਰਵਾਇਆ ਗਿਆ। ਸਮਾਗਮ ਦੀ ਪ੍ਰਧਾਨਗੀ ਉੱਘੇ ਸਾਹਿਤਕਾਰਾਂ ਨੇ ਕੀਤੀ।
ਪੁਸਤਕ ਲੋਕ ਅਰਪਣ ਕਰਦੇ ਹੋਏ ਸਾਹਿਤਕਾਰ
ਇਸ ਮੌਕੇ ਬੋਲਦਿਆਂ ਬੁਲਾਰਿਆਂ ਨੇ ਕਿਹਾ ਕਿ ਇਹ ਪੁਸਤਕ ਸਮਾਜ ਦੇ ਹਰ ਵਰਗ ਲਈ ਪ੍ਰੇਰਨਾਦਾਇਕ ਹੈ ਅਤੇ ਲੇਖਕ ਨੇ ਆਪਣੀ ਕਲਮ ਰਾਹੀਂ ਸਮਾਜਿਕ ਬੁਰਾਈਆਂ ਉੱਤੇ ਚੋਟ ਕੀਤੀ ਹੈ। ਲੇਖਕ ਨੇ ਪੁਸਤਕ ਦੇ ਰਚਨਾ ਕਾਲ ਬਾਰੇ ਚਾਨਣਾ ਪਾਇਆ ਅਤੇ ਹਾਜ਼ਰੀਨ ਦਾ ਧੰਨਵਾਦ ਕੀਤਾ।
ਸਮਾਗਮ ਵਿਚ ਕਵੀ ਦਰਬਾਰ ਵੀ ਕਰਵਾਇਆ ਗਿਆ ਜਿਸ ਵਿਚ ਇਲਾਕੇ ਦੇ ਕਵੀਆਂ ਨੇ ਆਪਣੀਆਂ ਰਚਨਾਵਾਂ ਪੇਸ਼ ਕੀਤੀਆਂ। ਇਸ ਮੌਕੇ ਪ੍ਰਬੰਧਕਾਂ ਵੱਲੋਂ ਆਏ ਮਹਿਮਾਨਾਂ ਦਾ ਸਨਮਾਨ ਕੀਤਾ ਗਿਆ ਅਤੇ ਅੰਤ ਵਿਚ ਸਭਾ ਦੇ ਪ੍ਰਧਾਨ ਨੇ ਸਾਰਿਆਂ ਦਾ ਧੰਨਵਾਦ ਕੀਤਾ।
ਸਮਾਗਮ ਵਿਚ ਲੇਖਕ, ਪਾਠਕ ਅਤੇ ਸਾਹਿਤ ਪ੍ਰੇਮੀ ਵੱਡੀ ਗਿਣਤੀ ਵਿਚ ਸ਼ਾਮਲ ਹੋਏ। ਸਟੇਜ ਸਕੱਤਰ ਦੀ ਭੂਮਿਕਾ ਬਾਖੂਬੀ ਨਿਭਾਈ ਗਈ। ਇਸ ਮੌਕੇ ਸਭਾ ਦੇ ਅਹੁਦੇਦਾਰ ਅਤੇ ਮੈਂਬਰ ਵੀ ਹਾਜ਼ਰ ਸਨ।
ਸਾਹਿਬਜ਼ਾਦਿਆਂ ਦੀ ਯਾਦ 'ਚ ਪਿੰਡ ਝਾਂਬਰੀ
ਵਿਖੇ ਖੂਨਦਾਨ ਕੈਂਪ 22 ਦਸੰਬਰ ਨੂੰ
ਖੂਨਦਾਨ ਕੈਂਪ ਦਾ ਪੋਸਟਰ ਜਾਰੀ ਕਰਦੇ ਹੋਏ
ਖੰਨਾ,15 ਦਸੰਬਰ (ਰਵਿੰਦਰ ਸਿੰਘ) - ਸਾਹਿਬਜ਼ਾਦਿਆਂ ਅਤੇ ਮਾਤਾ ਗੁਜਰ ਕੌਰ ਜੀ ਦੀ ਸ਼ਹਾਦਤ ਨੂੰ ਸਮਰਪਿਤ ਪਿੰਡ ਝਾਂਬਰੀ ਵਿਖੇ 22 ਦਸੰਬਰ ਨੂੰ ਖੂਨਦਾਨ ਕੈਂਪ ਲਗਾਇਆ ਜਾ ਰਿਹਾ ਹੈ।
ਲਗਾਇਆ ਜਾ ਰਿਹਾ ਹੈ। ਇਸ ਸਬੰਧੀ ਜਾਣਕਾਰੀ ਦਿੰਦਿਆਂ ਪ੍ਰਬੰਧਕਾਂ ਨੇ ਦੱਸਿਆ ਕਿ ਇਹ ਕੈਂਪ ਗੁਰਦੁਆਰਾ ਸਾਹਿਬ ਵਿਖੇ ਲਗਾਇਆ ਜਾਵੇਗਾ ਜਿਸ ਵਿਚ ਮਾਹਿਰ ਡਾਕਟਰਾਂ ਦੀ ਟੀਮ ਵੱਲੋਂ ਖੂਨ ਇਕੱਤਰ ਕੀਤਾ ਜਾਵੇਗਾ। ਉਨ੍ਹਾਂ ਨੇ ਇਲਾਕੇ ਦੇ ਨੌਜਵਾਨਾਂ ਨੂੰ ਵੱਧ ਤੋਂ ਵੱਧ ਖੂਨਦਾਨ ਕਰਨ ਦੀ ਅਪੀਲ ਕੀਤੀ। ਇਸ ਮੌਕੇ ਕੈਂਪ ਦਾ ਪੋਸਟਰ ਵੀ ਜਾਰੀ ਕੀਤਾ ਗਿਆ। ਇਸ ਮੌਕੇ ਕਮੇਟੀ ਮੈਂਬਰ ਅਤੇ ਪਿੰਡ ਵਾਸੀ ਹਾਜ਼ਰ ਸਨ।
ਲੋਕ ਸੇਵਾ ਸੁਸਾਇਟੀ ਜਗਰਾਉਂ ਵੱਲੋਂ ਸੀ ਐਮ ਸੀ ਹਸਪਤਾਲ
ਦੇ ਸਹਿਯੋਗ ਨਾਲ ਵੱਖ- ਵੱਖ ਬਿਮਾਰੀਆਂ ਦਾ ਚੈਕਅਪ ਕੀਤਾ
ਜਗਰਾਉਂ, 15 ਦਸੰਬਰ (ਰਣਜੀਤ ਸਿੰਘ ਰਾਣਾ) - ਸਮਾਜ ਸੇਵੀ ਸੰਸਥਾ ਲੋਕ ਸੇਵਾ ਸੁਸਾਇਟੀ ਜਗਰਾਉਂ ਵੱਲੋਂ ਸੀ ਐਮ ਸੀ ਹਸਪਤਾਲ ਲੁਧਿਆਣਾ ਦੇ ਸਹਿਯੋਗ ਨਾਲ ਵੱਖ-ਵੱਖ ਬਿਮਾਰੀਆਂ ਦਾ ਮੁਫ਼ਤ ਚੈਕਅਪ ਕੈਂਪ ਲਗਾਇਆ ਗਿਆ। ਕੈਂਪ ਵਿਚ ਮਾਹਿਰ ਡਾਕਟਰਾਂ ਵੱਲੋਂ ਦਿਲ, ਸ਼ੂਗਰ, ਅੱਖਾਂ, ਹੱਡੀਆਂ ਅਤੇ ਔਰਤਾਂ ਦੀਆਂ ਬਿਮਾਰੀਆਂ ਦਾ ਚੈਕਅਪ ਕੀਤਾ ਗਿਆ।
ਲੋਕ ਸੇਵਾ ਸੁਸਾਇਟੀ ਦੇ ਅਹੁਦੇਦਾਰ
ਕੈਂਪ ਦੌਰਾਨ ਮਰੀਜ਼ਾਂ ਨੂੰ ਮੁਫ਼ਤ ਦਵਾਈਆਂ ਵੀ ਦਿੱਤੀਆਂ ਗਈਆਂ। ਸੁਸਾਇਟੀ ਦੇ ਪ੍ਰਧਾਨ ਨੇ ਦੱਸਿਆ ਕਿ ਇਸ ਕੈਂਪ ਵਿਚ ਲਗਭਗ 140 ਮਰੀਜ਼ਾਂ ਦਾ ਚੈਕਅਪ ਕੀਤਾ ਗਿਆ ਅਤੇ ਲੋੜਵੰਦ ਮਰੀਜ਼ਾਂ ਦੇ ਟੈਸਟ ਵੀ ਮੁਫ਼ਤ ਕੀਤੇ ਗਏ।
ਉਨ੍ਹਾਂ ਕਿਹਾ ਕਿ ਸੁਸਾਇਟੀ ਵੱਲੋਂ ਸਮੇਂ ਸਮੇਂ ਤੇ ਅਜਿਹੇ ਕੈਂਪ ਲਗਾਏ ਜਾਂਦੇ ਹਨ ਤਾਂ ਜੋ ਲੋੜਵੰਦ ਲੋਕਾਂ ਨੂੰ ਸਿਹਤ ਸਹੂਲਤਾਂ ਮਿਲ ਸਕਣ। ਇਸ ਮੌਕੇ ਸੁਸਾਇਟੀ ਦੇ ਅਹੁਦੇਦਾਰ ਅਤੇ ਮੈਂਬਰ ਹਾਜ਼ਰ ਸਨ।
ਇਸ਼ਤਿਹਾਰ ਅਤੇ ਕਲਾਸੀਫਾਈਡ ਕੇਵਲ ਅਦਾਰਾ 'ਪਹਿਰੇਦਾਰ' ਦੀ ਈ-ਮੇਲ rozanapehredaradvt@gmail.com 'ਤੇ ਹੀ ਭੇਜੇ ਜਾਣ।
